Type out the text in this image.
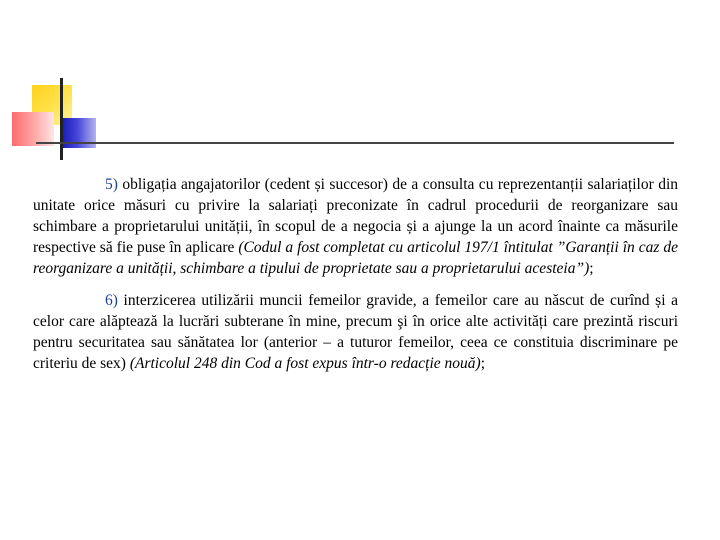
5) obligația angajatorilor (cedent și succesor) de a consulta cu reprezentanții salariaților din unitate orice măsuri cu privire la salariați preconizate în cadrul procedurii de reorganizare sau schimbare a proprietarului unității, în scopul de a negocia și a ajunge la un acord înainte ca măsurile respective să fie puse în aplicare (Codul a fost completat cu articolul 197/1 întitulat ”Garanții în caz de reorganizare a unității, schimbare a tipului de proprietate sau a proprietarului acesteia”);

6) interzicerea utilizării muncii femeilor gravide, a femeilor care au născut de curînd și a celor care alăptează la lucrări subterane în mine, precum şi în orice alte activități care prezintă riscuri pentru securitatea sau sănătatea lor (anterior – a tuturor femeilor, ceea ce constituia discriminare pe criteriu de sex) (Articolul 248 din Cod a fost expus într-o redacție nouă);
